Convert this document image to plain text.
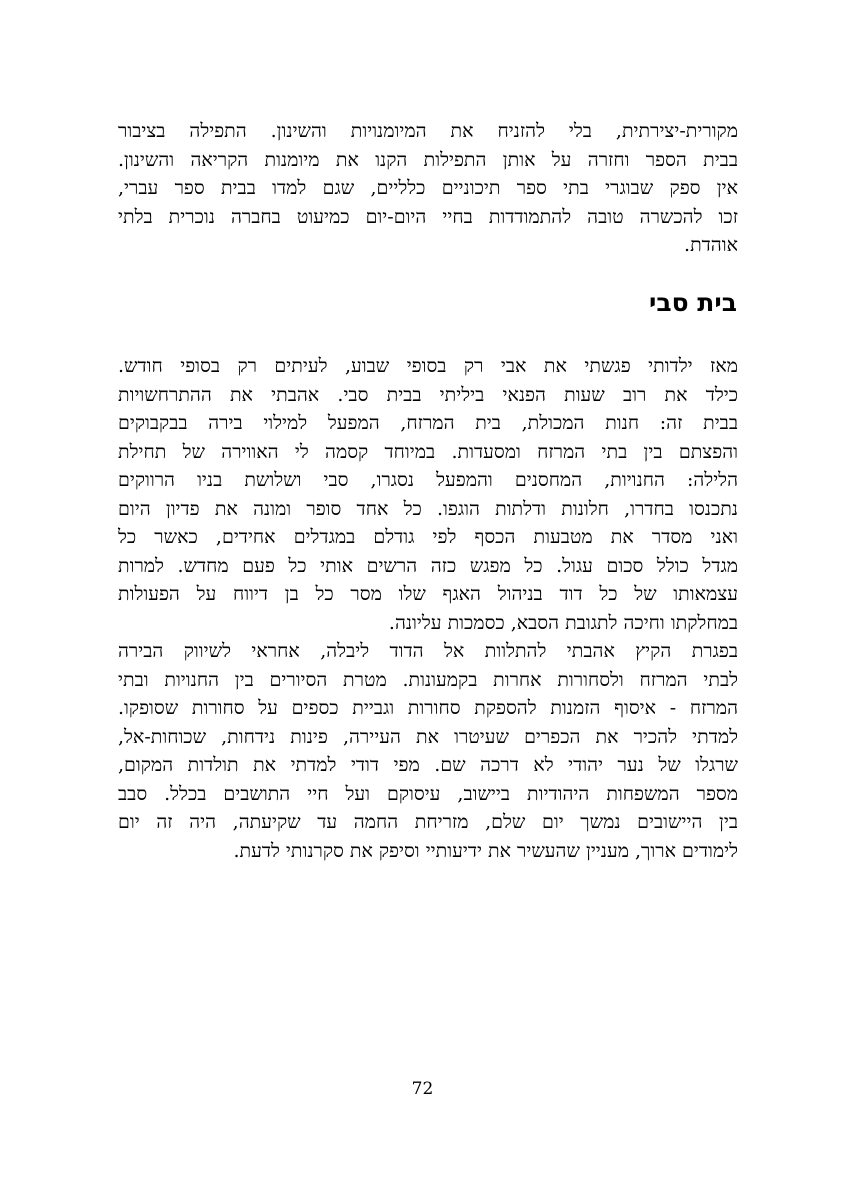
מקורית-יצירתית, בלי להזניח את המיומנויות והשינון. התפילה בציבור
בבית הספר וחזרה על אותן התפילות הקנו את מיומנות הקריאה והשינון.
אין ספק שבוגרי בתי ספר תיכוניים כלליים, שגם למדו בבית ספר עברי,
זכו להכשרה טובה להתמודדות בחיי היום-יום כמיעוט בחברה נוכרית בלתי
אוהדת.
בית סבי
מאז ילדותי פגשתי את אבי רק בסופי שבוע, לעיתים רק בסופי חודש.
כילד את רוב שעות הפנאי ביליתי בבית סבי. אהבתי את ההתרחשויות
בבית זה: חנות המכולת, בית המרזח, המפעל למילוי בירה בבקבוקים
והפצתם בין בתי המרזח ומסעדות. במיוחד קסמה לי האווירה של תחילת
הלילה: החנויות, המחסנים והמפעל נסגרו, סבי ושלושת בניו הרווקים
נתכנסו בחדרו, חלונות ודלתות הוגפו. כל אחד סופר ומונה את פדיון היום
ואני מסדר את מטבעות הכסף לפי גודלם במגדלים אחידים, כאשר כל
מגדל כולל סכום עגול. כל מפגש כזה הרשים אותי כל פעם מחדש. למרות
עצמאותו של כל דוד בניהול האגף שלו מסר כל בן דיווח על הפעולות
במחלקתו וחיכה לתגובת הסבא, כסמכות עליונה.
בפגרת הקיץ אהבתי להתלוות אל הדוד ליבלה, אחראי לשיווק הבירה
לבתי המרזח ולסחורות אחרות בקמעונות. מטרת הסיורים בין החנויות ובתי
המרזח - איסוף הזמנות להספקת סחורות וגביית כספים על סחורות שסופקו.
למדתי להכיר את הכפרים שעיטרו את העיירה, פינות נידחות, שכוחות-אל,
שרגלו של נער יהודי לא דרכה שם. מפי דודי למדתי את תולדות המקום,
מספר המשפחות היהודיות ביישוב, עיסוקם ועל חיי התושבים בכלל. סבב
בין היישובים נמשך יום שלם, מזריחת החמה עד שקיעתה, היה זה יום
לימודים ארוך, מעניין שהעשיר את ידיעותיי וסיפק את סקרנותי לדעת.
72
